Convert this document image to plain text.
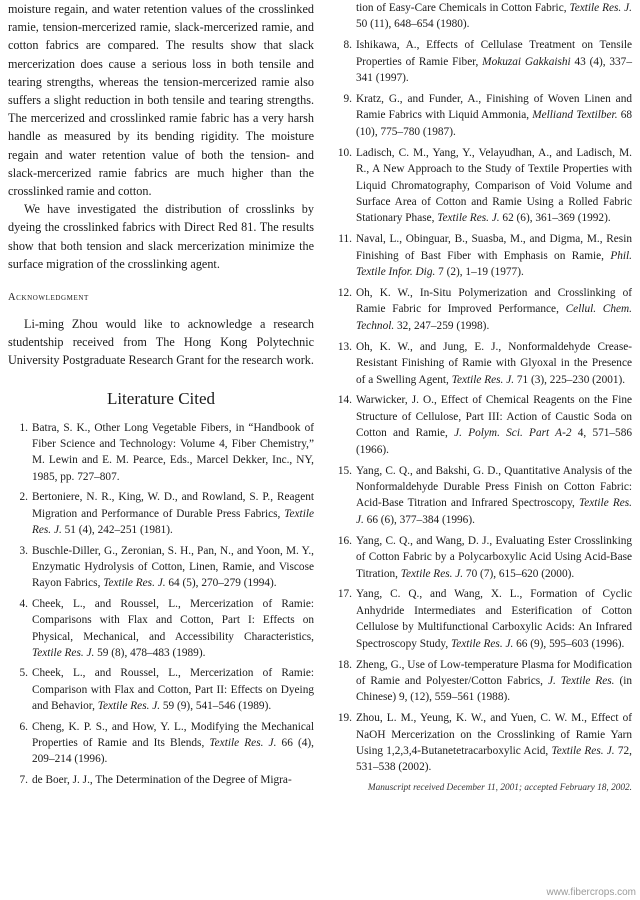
moisture regain, and water retention values of the crosslinked ramie, tension-mercerized ramie, slack-mercerized ramie, and cotton fabrics are compared. The results show that slack mercerization does cause a serious loss in both tensile and tearing strengths, whereas the tension-mercerized ramie also suffers a slight reduction in both tensile and tearing strengths. The mercerized and crosslinked ramie fabric has a very harsh handle as measured by its bending rigidity. The moisture regain and water retention value of both the tension- and slack-mercerized ramie fabrics are much higher than the crosslinked ramie and cotton.

We have investigated the distribution of crosslinks by dyeing the crosslinked fabrics with Direct Red 81. The results show that both tension and slack mercerization minimize the surface migration of the crosslinking agent.

Acknowledgment

Li-ming Zhou would like to acknowledge a research studentship received from The Hong Kong Polytechnic University Postgraduate Research Grant for the research work.

Literature Cited
1. Batra, S. K., Other Long Vegetable Fibers, in “Handbook of Fiber Science and Technology: Volume 4, Fiber Chemistry,” M. Lewin and E. M. Pearce, Eds., Marcel Dekker, Inc., NY, 1985, pp. 727–807.
2. Bertoniere, N. R., King, W. D., and Rowland, S. P., Reagent Migration and Performance of Durable Press Fabrics, Textile Res. J. 51 (4), 242–251 (1981).
3. Buschle-Diller, G., Zeronian, S. H., Pan, N., and Yoon, M. Y., Enzymatic Hydrolysis of Cotton, Linen, Ramie, and Viscose Rayon Fabrics, Textile Res. J. 64 (5), 270–279 (1994).
4. Cheek, L., and Roussel, L., Mercerization of Ramie: Comparisons with Flax and Cotton, Part I: Effects on Physical, Mechanical, and Accessibility Characteristics, Textile Res. J. 59 (8), 478–483 (1989).
5. Cheek, L., and Roussel, L., Mercerization of Ramie: Comparison with Flax and Cotton, Part II: Effects on Dyeing and Behavior, Textile Res. J. 59 (9), 541–546 (1989).
6. Cheng, K. P. S., and How, Y. L., Modifying the Mechanical Properties of Ramie and Its Blends, Textile Res. J. 66 (4), 209–214 (1996).
7. de Boer, J. J., The Determination of the Degree of Migra-
tion of Easy-Care Chemicals in Cotton Fabric, Textile Res. J. 50 (11), 648–654 (1980).
8. Ishikawa, A., Effects of Cellulase Treatment on Tensile Properties of Ramie Fiber, Mokuzai Gakkaishi 43 (4), 337–341 (1997).
9. Kratz, G., and Funder, A., Finishing of Woven Linen and Ramie Fabrics with Liquid Ammonia, Melliand Textilber. 68 (10), 775–780 (1987).
10. Ladisch, C. M., Yang, Y., Velayudhan, A., and Ladisch, M. R., A New Approach to the Study of Textile Properties with Liquid Chromatography, Comparison of Void Volume and Surface Area of Cotton and Ramie Using a Rolled Fabric Stationary Phase, Textile Res. J. 62 (6), 361–369 (1992).
11. Naval, L., Obinguar, B., Suasba, M., and Digma, M., Resin Finishing of Bast Fiber with Emphasis on Ramie, Phil. Textile Infor. Dig. 7 (2), 1–19 (1977).
12. Oh, K. W., In-Situ Polymerization and Crosslinking of Ramie Fabric for Improved Performance, Cellul. Chem. Technol. 32, 247–259 (1998).
13. Oh, K. W., and Jung, E. J., Nonformaldehyde Crease-Resistant Finishing of Ramie with Glyoxal in the Presence of a Swelling Agent, Textile Res. J. 71 (3), 225–230 (2001).
14. Warwicker, J. O., Effect of Chemical Reagents on the Fine Structure of Cellulose, Part III: Action of Caustic Soda on Cotton and Ramie, J. Polym. Sci. Part A-2 4, 571–586 (1966).
15. Yang, C. Q., and Bakshi, G. D., Quantitative Analysis of the Nonformaldehyde Durable Press Finish on Cotton Fabric: Acid-Base Titration and Infrared Spectroscopy, Textile Res. J. 66 (6), 377–384 (1996).
16. Yang, C. Q., and Wang, D. J., Evaluating Ester Crosslinking of Cotton Fabric by a Polycarboxylic Acid Using Acid-Base Titration, Textile Res. J. 70 (7), 615–620 (2000).
17. Yang, C. Q., and Wang, X. L., Formation of Cyclic Anhydride Intermediates and Esterification of Cotton Cellulose by Multifunctional Carboxylic Acids: An Infrared Spectroscopy Study, Textile Res. J. 66 (9), 595–603 (1996).
18. Zheng, G., Use of Low-temperature Plasma for Modification of Ramie and Polyester/Cotton Fabrics, J. Textile Res. (in Chinese) 9, (12), 559–561 (1988).
19. Zhou, L. M., Yeung, K. W., and Yuen, C. W. M., Effect of NaOH Mercerization on the Crosslinking of Ramie Yarn Using 1,2,3,4-Butanetetracarboxylic Acid, Textile Res. J. 72, 531–538 (2002).
Manuscript received December 11, 2001; accepted February 18, 2002.
www.fibercrops.com
